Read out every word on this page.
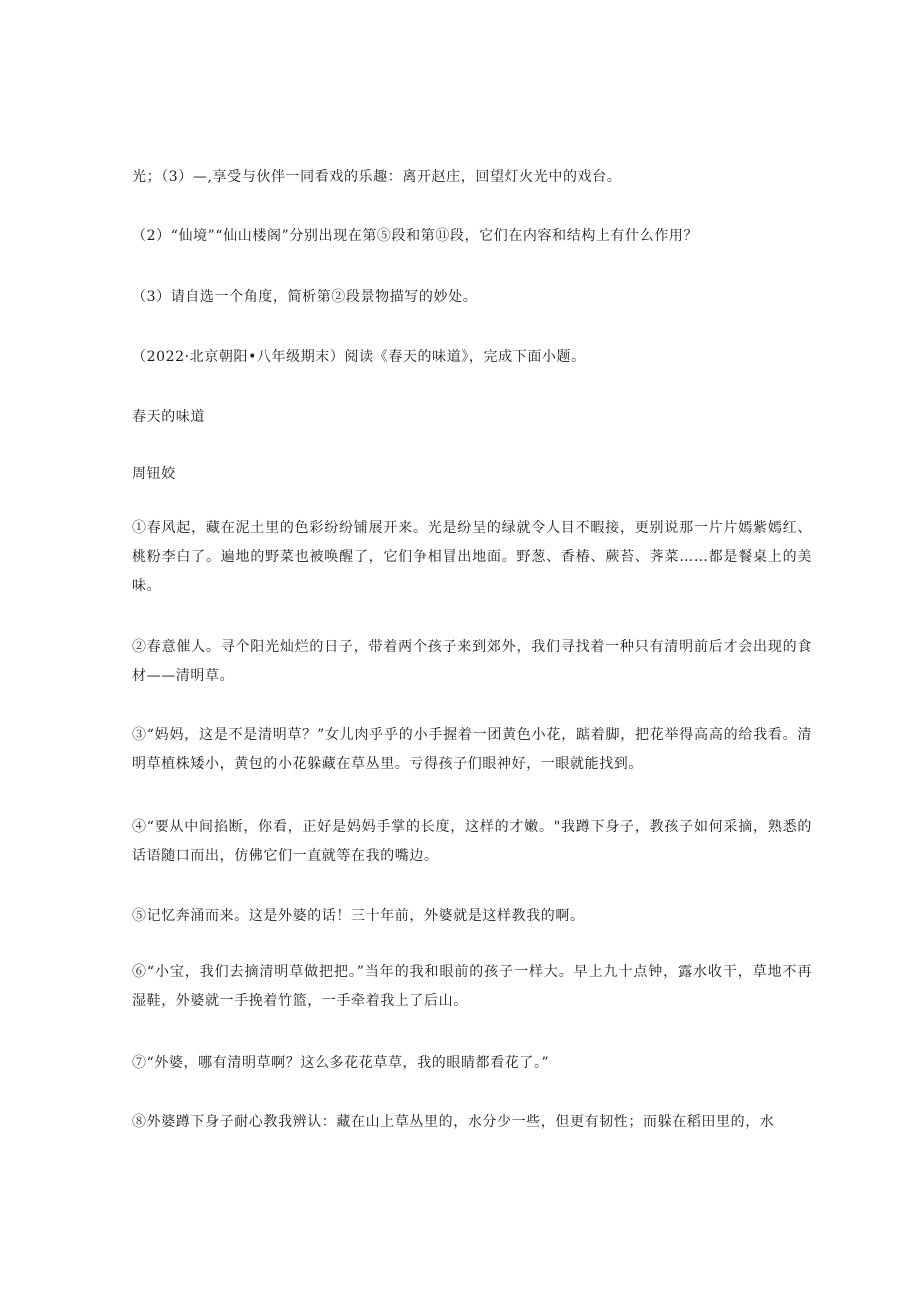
光；（3）—,享受与伙伴一同看戏的乐趣：离开赵庄，回望灯火光中的戏台。

（2）“仙境”“仙山楼阁”分别出现在第⑤段和第⑪段，它们在内容和结构上有什么作用？

（3）请自选一个角度，简析第②段景物描写的妙处。

（2022·北京朝阳•八年级期末）阅读《春天的味道》，完成下面小题。

春天的味道

周钮姣

①春风起，藏在泥土里的色彩纷纷铺展开来。光是纷呈的绿就令人目不暇接，更别说那一片片嫣紫嫣红、桃粉李白了。遍地的野菜也被唤醒了，它们争相冒出地面。野葱、香椿、蕨苔、荠菜……都是餐桌上的美味。

②春意催人。寻个阳光灿烂的日子，带着两个孩子来到郊外，我们寻找着一种只有清明前后才会出现的食材——清明草。

③“妈妈，这是不是清明草？”女儿肉乎乎的小手握着一团黄色小花，踮着脚，把花举得高高的给我看。清明草植株矮小，黄包的小花躲藏在草丛里。亏得孩子们眼神好，一眼就能找到。

④“要从中间掐断，你看，正好是妈妈手掌的长度，这样的才嫩。"我蹲下身子，教孩子如何采摘，熟悉的话语随口而出，仿佛它们一直就等在我的嘴边。

⑤记忆奔涌而来。这是外婆的话！三十年前，外婆就是这样教我的啊。

⑥“小宝，我们去摘清明草做把把。”当年的我和眼前的孩子一样大。早上九十点钟，露水收干，草地不再湿鞋，外婆就一手挽着竹篮，一手牵着我上了后山。

⑦“外婆，哪有清明草啊？这么多花花草草，我的眼睛都看花了。”

⑧外婆蹲下身子耐心教我辨认：藏在山上草丛里的，水分少一些，但更有韧性；而躲在稻田里的，水
